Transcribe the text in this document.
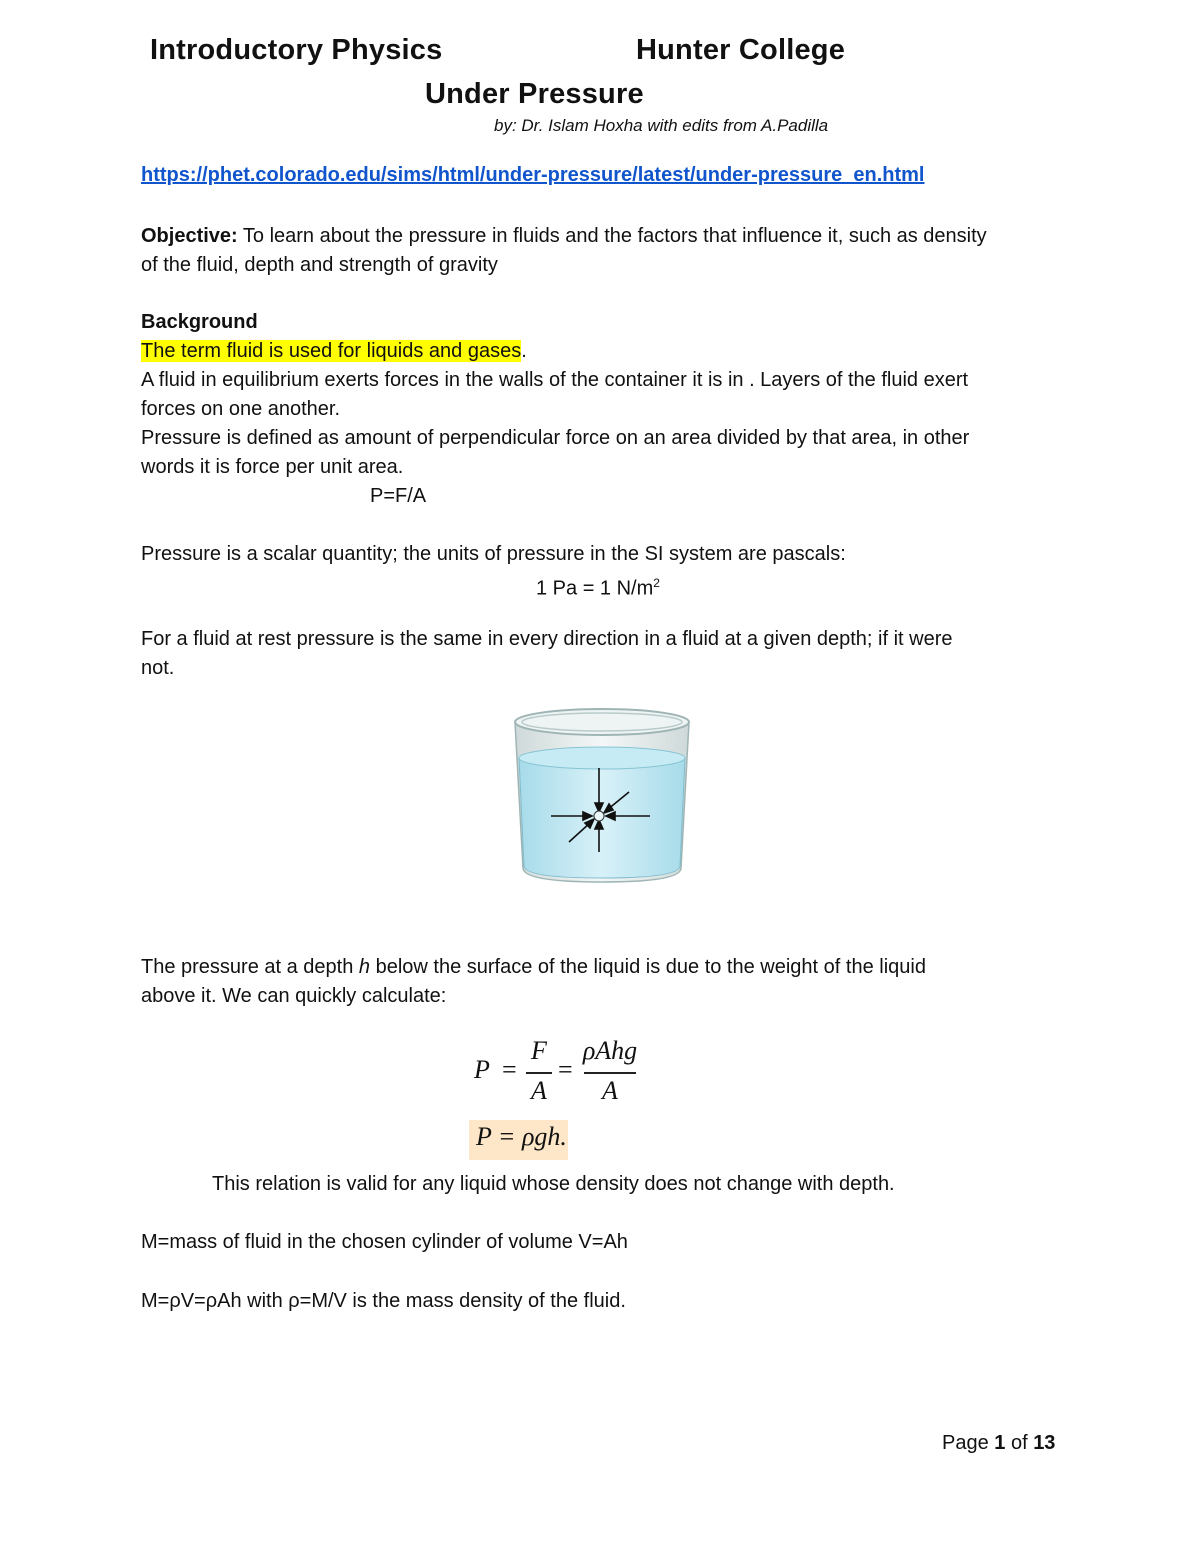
Introductory Physics	Hunter College
Under Pressure
by: Dr. Islam Hoxha with edits from A.Padilla
https://phet.colorado.edu/sims/html/under-pressure/latest/under-pressure_en.html
Objective: To learn about the pressure in fluids and the factors that influence it, such as density
of the fluid, depth and strength of gravity
Background
The term fluid is used for liquids and gases.
A fluid in equilibrium exerts forces in the walls of the container it is in . Layers of the fluid exert
forces on one another.
Pressure is defined as amount of perpendicular force on an area divided by that area, in other
words it is force per unit area.
P=F/A
Pressure is a scalar quantity; the units of pressure in the SI system are pascals:
1 Pa = 1 $N/m^2$
For a fluid at rest pressure is the same in every direction in a fluid at a given depth; if it were
not.
The pressure at a depth h below the surface of the liquid is due to the weight of the liquid
above it. We can quickly calculate:
P =
F
A
=
ρAhg
A
P = ρgh.
This relation is valid for any liquid whose density does not change with depth.
M=mass of fluid in the chosen cylinder of volume V=Ah
M=ρV=ρAh with ρ=M/V is the mass density of the fluid.
Page 1 of 13
